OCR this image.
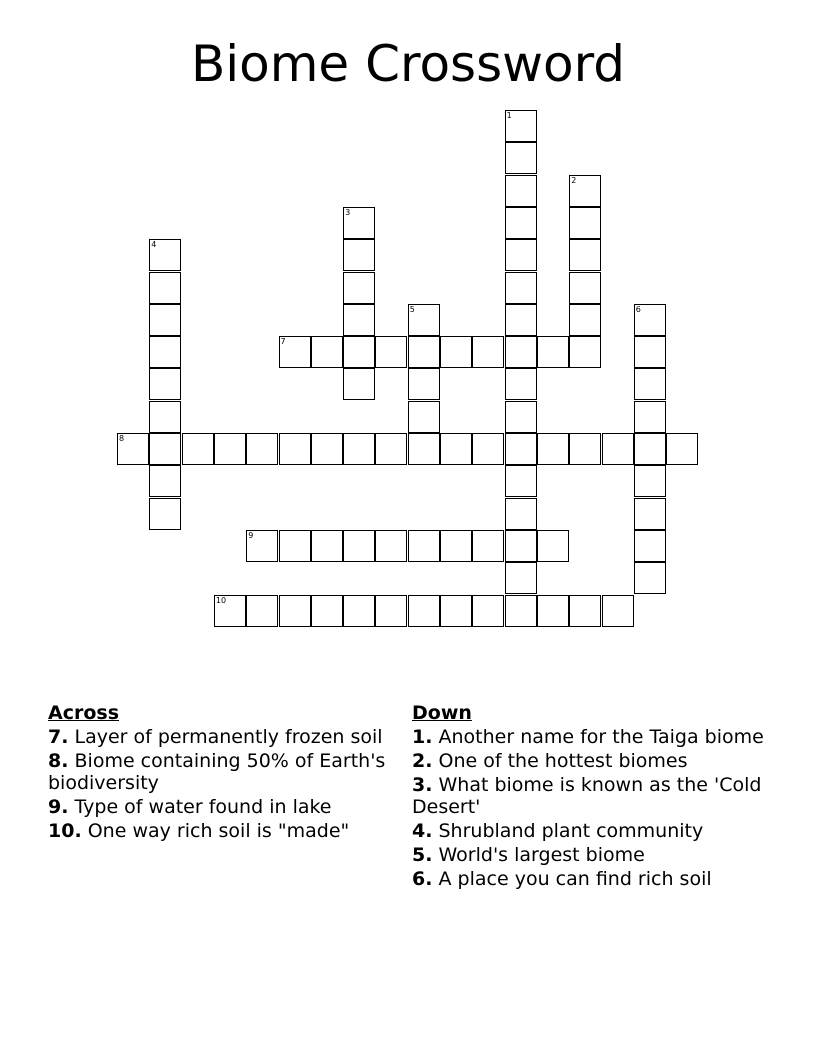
Biome Crossword
1
2
3
4
5	6
7
8
9
10
Across
7. Layer of permanently frozen soil
8. Biome containing 50% of Earth's biodiversity
9. Type of water found in lake
10. One way rich soil is "made"
Down
1. Another name for the Taiga biome
2. One of the hottest biomes
3. What biome is known as the 'Cold Desert'
4. Shrubland plant community
5. World's largest biome
6. A place you can find rich soil
